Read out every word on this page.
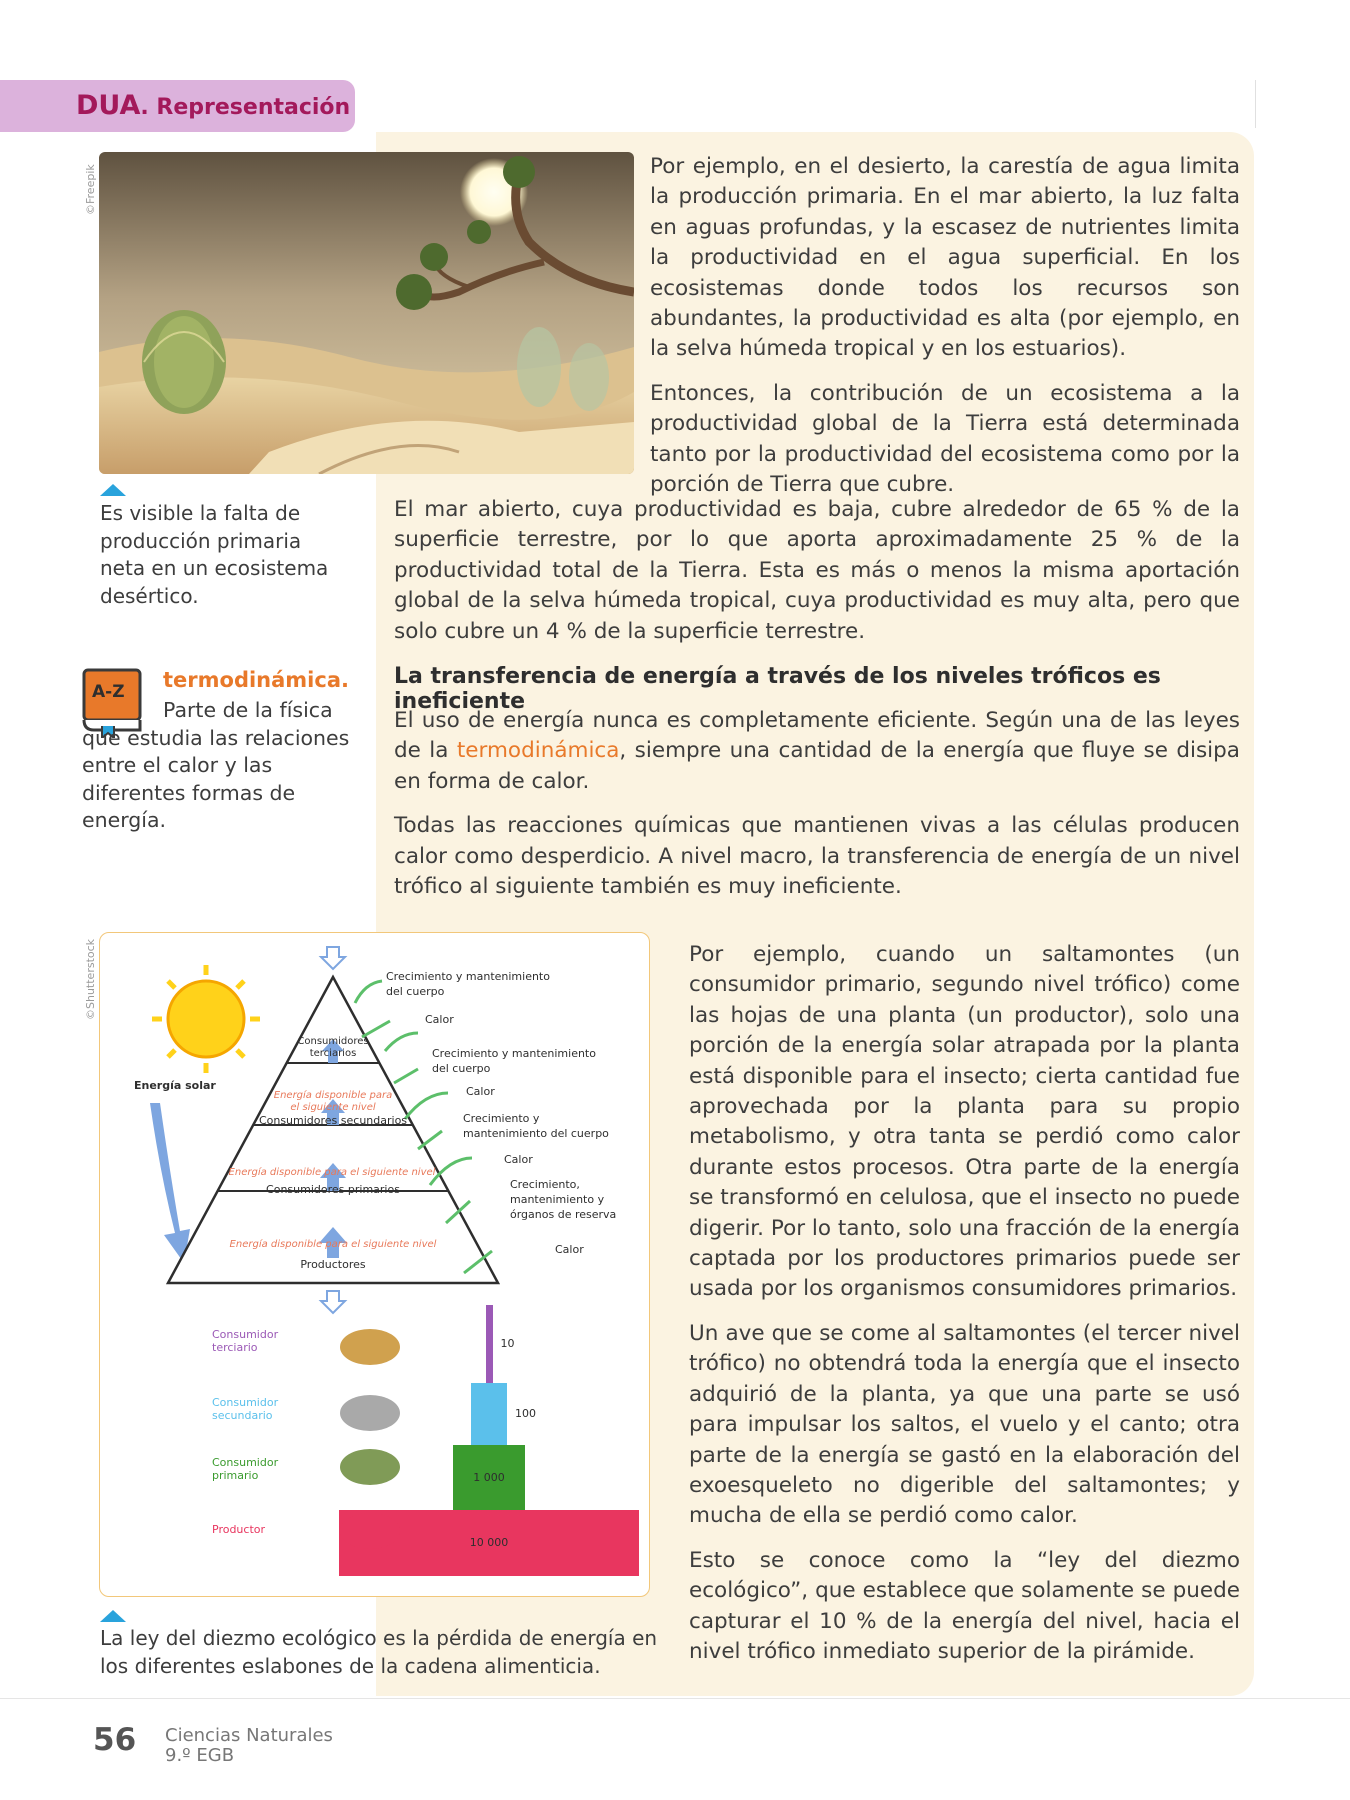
DUA. Representación
©Freepik	Por ejemplo, en el desierto, la carestía de agua limita la producción primaria. En el mar abierto, la luz falta en aguas profundas, y la escasez de nutrientes limita la productividad en el agua superficial. En los ecosistemas donde todos los recursos son abundantes, la productividad es alta (por ejemplo, en la selva húmeda tropical y en los estuarios).

Entonces, la contribución de un ecosistema a la productividad global de la Tierra está determinada tanto por la productividad del ecosistema como por la porción de Tierra que cubre.

Es visible la falta de producción primaria neta en un ecosistema desértico.

El mar abierto, cuya productividad es baja, cubre alrededor de 65 % de la superficie terrestre, por lo que aporta aproximadamente 25 % de la productividad total de la Tierra. Esta es más o menos la misma aportación global de la selva húmeda tropical, cuya productividad es muy alta, pero que solo cubre un 4 % de la superficie terrestre.

A-Z termodinámica.
Parte de la física que estudia las relaciones entre el calor y las diferentes formas de energía.
La transferencia de energía a través de los niveles tróficos es ineficiente

El uso de energía nunca es completamente eficiente. Según una de las leyes de la termodinámica, siempre una cantidad de la energía que fluye se disipa en forma de calor.

Todas las reacciones químicas que mantienen vivas a las células producen calor como desperdicio. A nivel macro, la transferencia de energía de un nivel trófico al siguiente también es muy ineficiente.

©Shutterstock
Energía solar
Crecimiento y mantenimiento del cuerpo
Calor
Crecimiento y mantenimiento del cuerpo
Calor
Crecimiento y mantenimiento del cuerpo
Calor
Crecimiento, mantenimiento y órganos de reserva
Calor
Consumidores terciarios
Energía disponible para
el siguiente nivel
Consumidores secundarios
Energía disponible para el siguiente nivel
Consumidores primarios
Energía disponible para el siguiente nivel
Productores
Consumidor terciario	10
Consumidor secundario	100
Consumidor primario	1 000
Productor
10 000
La ley del diezmo ecológico es la pérdida de energía en los diferentes eslabones de la cadena alimenticia.

Por ejemplo, cuando un saltamontes (un consumidor primario, segundo nivel trófico) come las hojas de una planta (un productor), solo una porción de la energía solar atrapada por la planta está disponible para el insecto; cierta cantidad fue aprovechada por la planta para su propio metabolismo, y otra tanta se perdió como calor durante estos procesos. Otra parte de la energía se transformó en celulosa, que el insecto no puede digerir. Por lo tanto, solo una fracción de la energía captada por los productores primarios puede ser usada por los organismos consumidores primarios.

Un ave que se come al saltamontes (el tercer nivel trófico) no obtendrá toda la energía que el insecto adquirió de la planta, ya que una parte se usó para impulsar los saltos, el vuelo y el canto; otra parte de la energía se gastó en la elaboración del exoesqueleto no digerible del saltamontes; y mucha de ella se perdió como calor.

Esto se conoce como la “ley del diezmo ecológico”, que establece que solamente se puede capturar el 10 % de la energía del nivel, hacia el nivel trófico inmediato superior de la pirámide.

56 Ciencias Naturales
9.º EGB
